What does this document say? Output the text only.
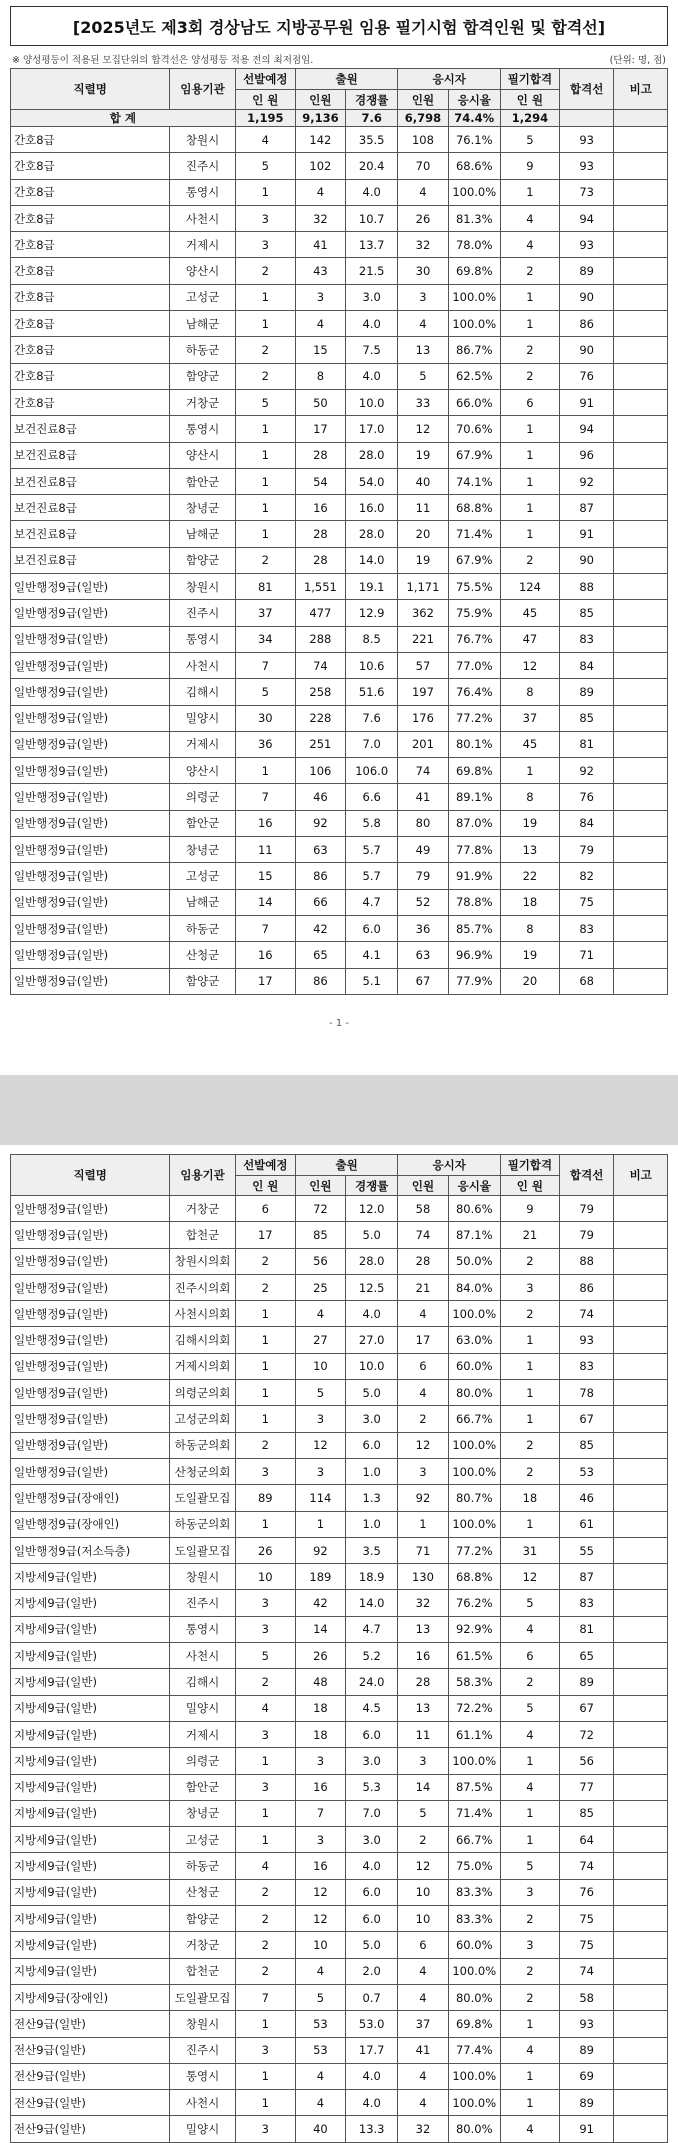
[2025년도 제3회 경상남도 지방공무원 임용 필기시험 합격인원 및 합격선]
※ 양성평등이 적용된 모집단위의 합격선은 양성평등 적용 전의 최저점임.	(단위: 명, 점)
직렬명	임용기관	선발예정	출원		응시자		필기합격	합격선	비고
		인 원	인원	경쟁률	인원	응시율	인 원		
합 계		1,195	9,136	7.6	6,798	74.4%	1,294		
간호8급	창원시	4	142	35.5	108	76.1%	5	93	
간호8급	진주시	5	102	20.4	70	68.6%	9	93	
간호8급	통영시	1	4	4.0	4	100.0%	1	73	
간호8급	사천시	3	32	10.7	26	81.3%	4	94	
간호8급	거제시	3	41	13.7	32	78.0%	4	93	
간호8급	양산시	2	43	21.5	30	69.8%	2	89	
간호8급	고성군	1	3	3.0	3	100.0%	1	90	
간호8급	남해군	1	4	4.0	4	100.0%	1	86	
간호8급	하동군	2	15	7.5	13	86.7%	2	90	
간호8급	함양군	2	8	4.0	5	62.5%	2	76	
간호8급	거창군	5	50	10.0	33	66.0%	6	91	
보건진료8급	통영시	1	17	17.0	12	70.6%	1	94	
보건진료8급	양산시	1	28	28.0	19	67.9%	1	96	
보건진료8급	함안군	1	54	54.0	40	74.1%	1	92	
보건진료8급	창녕군	1	16	16.0	11	68.8%	1	87	
보건진료8급	남해군	1	28	28.0	20	71.4%	1	91	
보건진료8급	함양군	2	28	14.0	19	67.9%	2	90	
일반행정9급(일반)	창원시	81	1,551	19.1	1,171	75.5%	124	88	
일반행정9급(일반)	진주시	37	477	12.9	362	75.9%	45	85	
일반행정9급(일반)	통영시	34	288	8.5	221	76.7%	47	83	
일반행정9급(일반)	사천시	7	74	10.6	57	77.0%	12	84	
일반행정9급(일반)	김해시	5	258	51.6	197	76.4%	8	89	
일반행정9급(일반)	밀양시	30	228	7.6	176	77.2%	37	85	
일반행정9급(일반)	거제시	36	251	7.0	201	80.1%	45	81	
일반행정9급(일반)	양산시	1	106	106.0	74	69.8%	1	92	
일반행정9급(일반)	의령군	7	46	6.6	41	89.1%	8	76	
일반행정9급(일반)	함안군	16	92	5.8	80	87.0%	19	84	
일반행정9급(일반)	창녕군	11	63	5.7	49	77.8%	13	79	
일반행정9급(일반)	고성군	15	86	5.7	79	91.9%	22	82	
일반행정9급(일반)	남해군	14	66	4.7	52	78.8%	18	75	
일반행정9급(일반)	하동군	7	42	6.0	36	85.7%	8	83	
일반행정9급(일반)	산청군	16	65	4.1	63	96.9%	19	71	
일반행정9급(일반)	함양군	17	86	5.1	67	77.9%	20	68	
- 1 -
직렬명	임용기관	선발예정	출원		응시자		필기합격	합격선	비고
		인 원	인원	경쟁률	인원	응시율	인 원		
일반행정9급(일반)	거창군	6	72	12.0	58	80.6%	9	79	
일반행정9급(일반)	합천군	17	85	5.0	74	87.1%	21	79	
일반행정9급(일반)	창원시의회	2	56	28.0	28	50.0%	2	88	
일반행정9급(일반)	진주시의회	2	25	12.5	21	84.0%	3	86	
일반행정9급(일반)	사천시의회	1	4	4.0	4	100.0%	2	74	
일반행정9급(일반)	김해시의회	1	27	27.0	17	63.0%	1	93	
일반행정9급(일반)	거제시의회	1	10	10.0	6	60.0%	1	83	
일반행정9급(일반)	의령군의회	1	5	5.0	4	80.0%	1	78	
일반행정9급(일반)	고성군의회	1	3	3.0	2	66.7%	1	67	
일반행정9급(일반)	하동군의회	2	12	6.0	12	100.0%	2	85	
일반행정9급(일반)	산청군의회	3	3	1.0	3	100.0%	2	53	
일반행정9급(장애인)	도일괄모집	89	114	1.3	92	80.7%	18	46	
일반행정9급(장애인)	하동군의회	1	1	1.0	1	100.0%	1	61	
일반행정9급(저소득층)	도일괄모집	26	92	3.5	71	77.2%	31	55	
지방세9급(일반)	창원시	10	189	18.9	130	68.8%	12	87	
지방세9급(일반)	진주시	3	42	14.0	32	76.2%	5	83	
지방세9급(일반)	통영시	3	14	4.7	13	92.9%	4	81	
지방세9급(일반)	사천시	5	26	5.2	16	61.5%	6	65	
지방세9급(일반)	김해시	2	48	24.0	28	58.3%	2	89	
지방세9급(일반)	밀양시	4	18	4.5	13	72.2%	5	67	
지방세9급(일반)	거제시	3	18	6.0	11	61.1%	4	72	
지방세9급(일반)	의령군	1	3	3.0	3	100.0%	1	56	
지방세9급(일반)	함안군	3	16	5.3	14	87.5%	4	77	
지방세9급(일반)	창녕군	1	7	7.0	5	71.4%	1	85	
지방세9급(일반)	고성군	1	3	3.0	2	66.7%	1	64	
지방세9급(일반)	하동군	4	16	4.0	12	75.0%	5	74	
지방세9급(일반)	산청군	2	12	6.0	10	83.3%	3	76	
지방세9급(일반)	함양군	2	12	6.0	10	83.3%	2	75	
지방세9급(일반)	거창군	2	10	5.0	6	60.0%	3	75	
지방세9급(일반)	합천군	2	4	2.0	4	100.0%	2	74	
지방세9급(장애인)	도일괄모집	7	5	0.7	4	80.0%	2	58	
전산9급(일반)	창원시	1	53	53.0	37	69.8%	1	93	
전산9급(일반)	진주시	3	53	17.7	41	77.4%	4	89	
전산9급(일반)	통영시	1	4	4.0	4	100.0%	1	69	
전산9급(일반)	사천시	1	4	4.0	4	100.0%	1	89	
전산9급(일반)	밀양시	3	40	13.3	32	80.0%	4	91	
